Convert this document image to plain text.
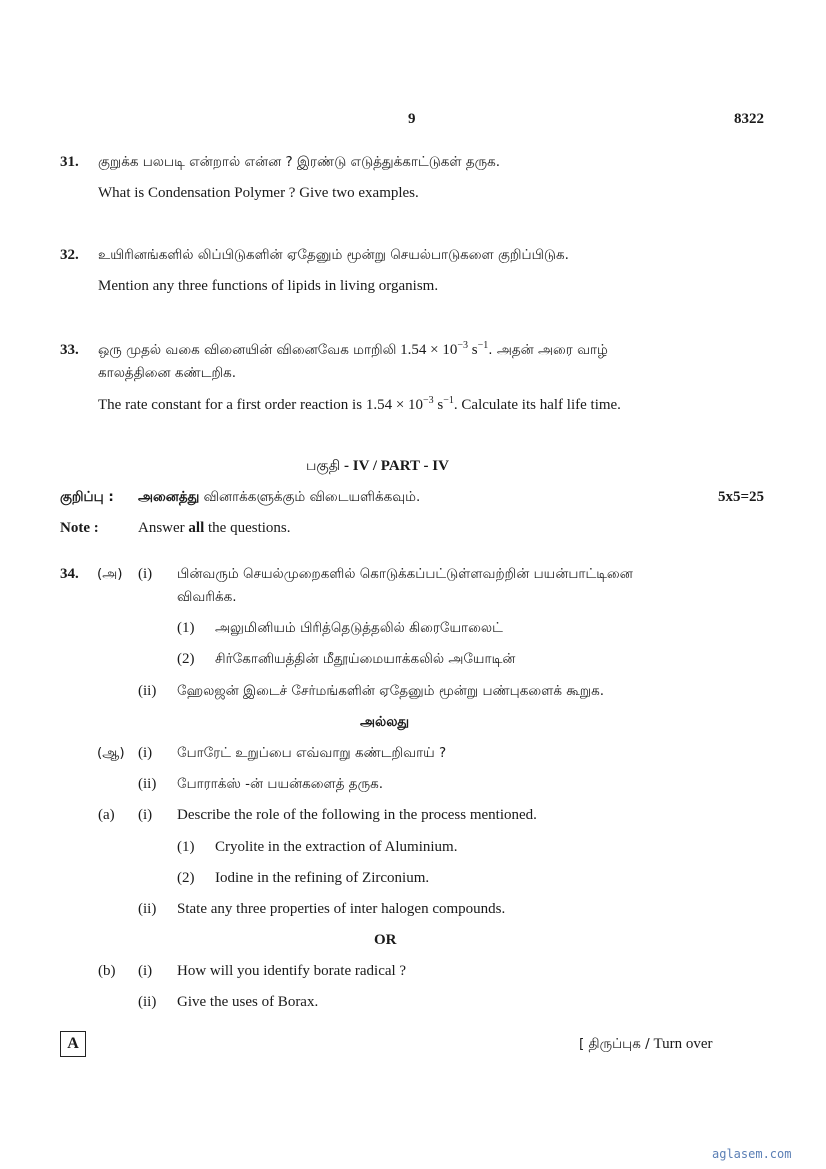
9	8322
31. குறுக்க பலபடி என்றால் என்ன ? இரண்டு எடுத்துக்காட்டுகள் தருக.
What is Condensation Polymer ? Give two examples.
32. உயிரினங்களில் லிப்பிடுகளின் ஏதேனும் மூன்று செயல்பாடுகளை குறிப்பிடுக.
Mention any three functions of lipids in living organism.
33. ஒரு முதல் வகை வினையின் வினைவேக மாறிலி $1.54 \times 10^{-3}$ $s^{-1}$. அதன் அரை வாழ்
காலத்தினை கண்டறிக.
The rate constant for a first order reaction is $1.54 \times 10^{-3}$ $s^{-1}$. Calculate its half life time.
பகுதி - IV / PART - IV
குறிப்பு : அனைத்து வினாக்களுக்கும் விடையளிக்கவும்.	5x5=25
Note :	Answer all the questions.
34. (அ) (i) பின்வரும் செயல்முறைகளில் கொடுக்கப்பட்டுள்ளவற்றின் பயன்பாட்டினை
விவரிக்க.
(1) அலுமினியம் பிரித்தெடுத்தலில் கிரையோலைட்
(2) சிர்கோனியத்தின் மீதூய்மையாக்கலில் அயோடின்
(ii) ஹேலஜன் இடைச் சேர்மங்களின் ஏதேனும் மூன்று பண்புகளைக் கூறுக.
அல்லது
(ஆ) (i) போரேட் உறுப்பை எவ்வாறு கண்டறிவாய் ?
(ii) போராக்ஸ் -ன் பயன்களைத் தருக.
(a) (i) Describe the role of the following in the process mentioned.
(1) Cryolite in the extraction of Aluminium.
(2) Iodine in the refining of Zirconium.
(ii) State any three properties of inter halogen compounds.
OR
(b) (i) How will you identify borate radical ?
(ii) Give the uses of Borax.
A	[ திருப்புக / Turn over
aglasem.com
